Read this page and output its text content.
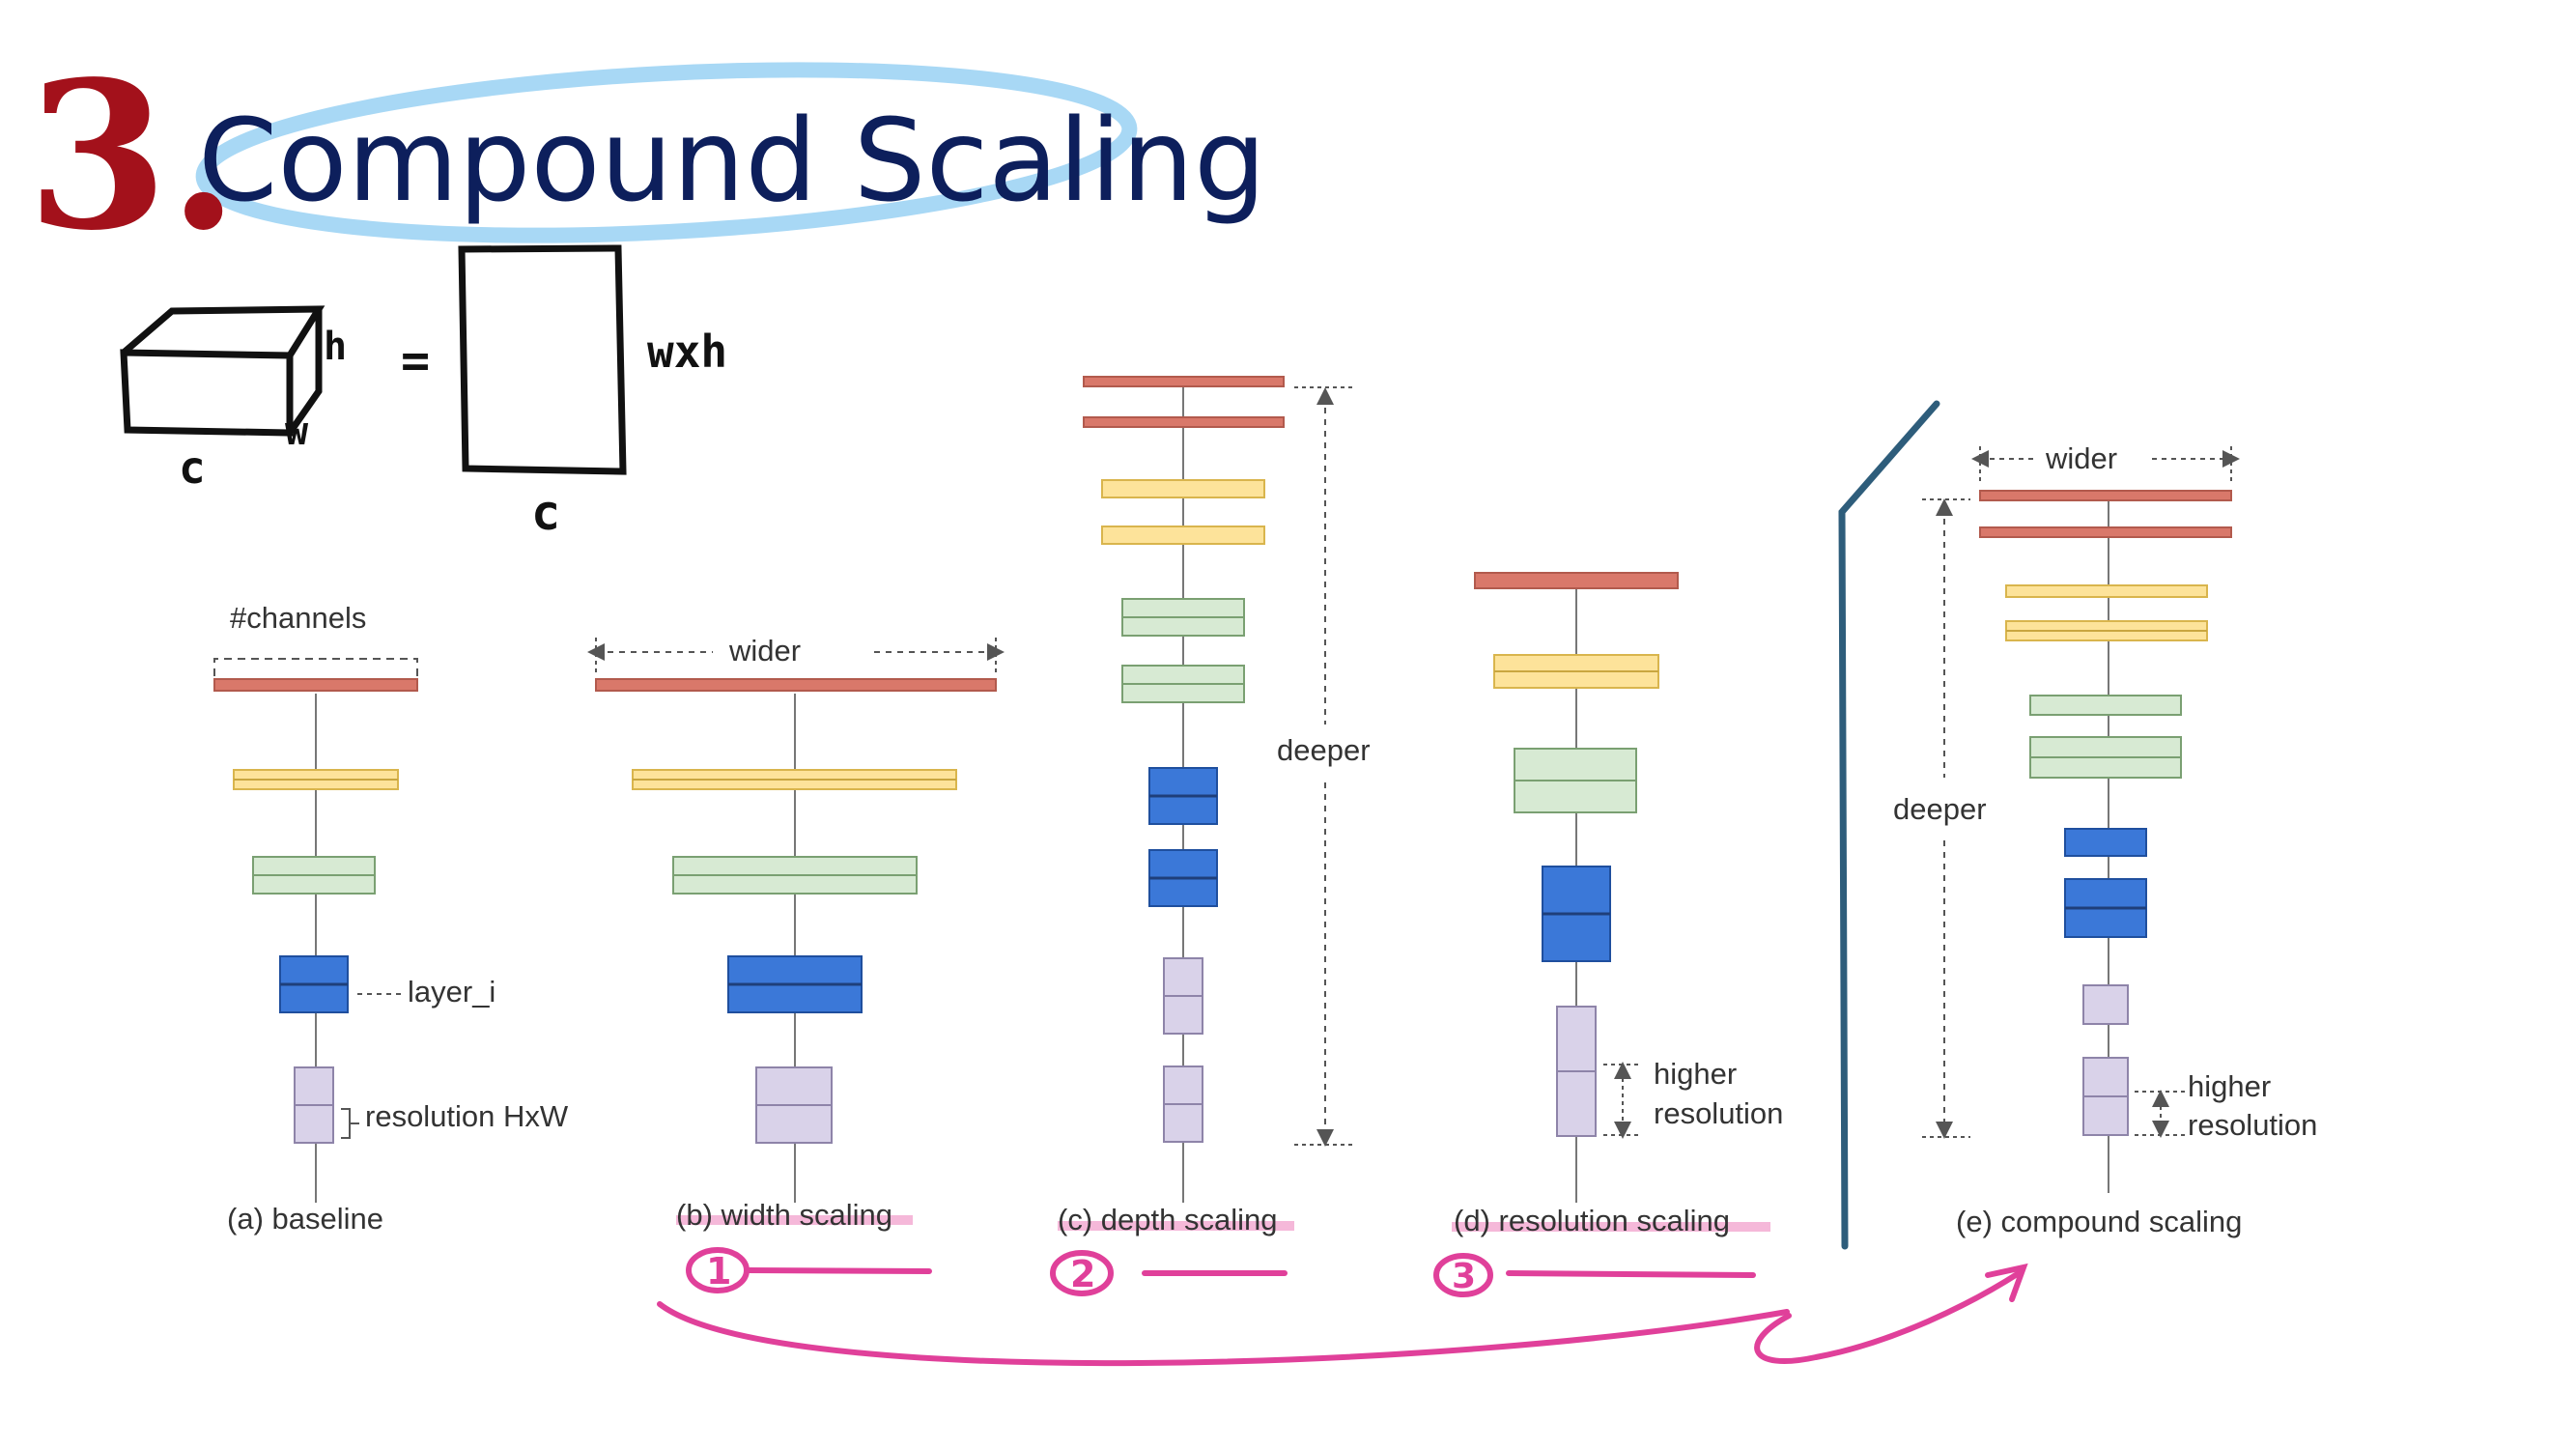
3.
Compound Scaling
h
w
c
=	wxh
c
#channels
layer_i
resolution HxW
(a) baseline
wider
(b) width scaling
deeper
(c) depth scaling
higher
resolution
(d) resolution scaling
wider
deeper
higher
resolution
(e) compound scaling
1	2	3
